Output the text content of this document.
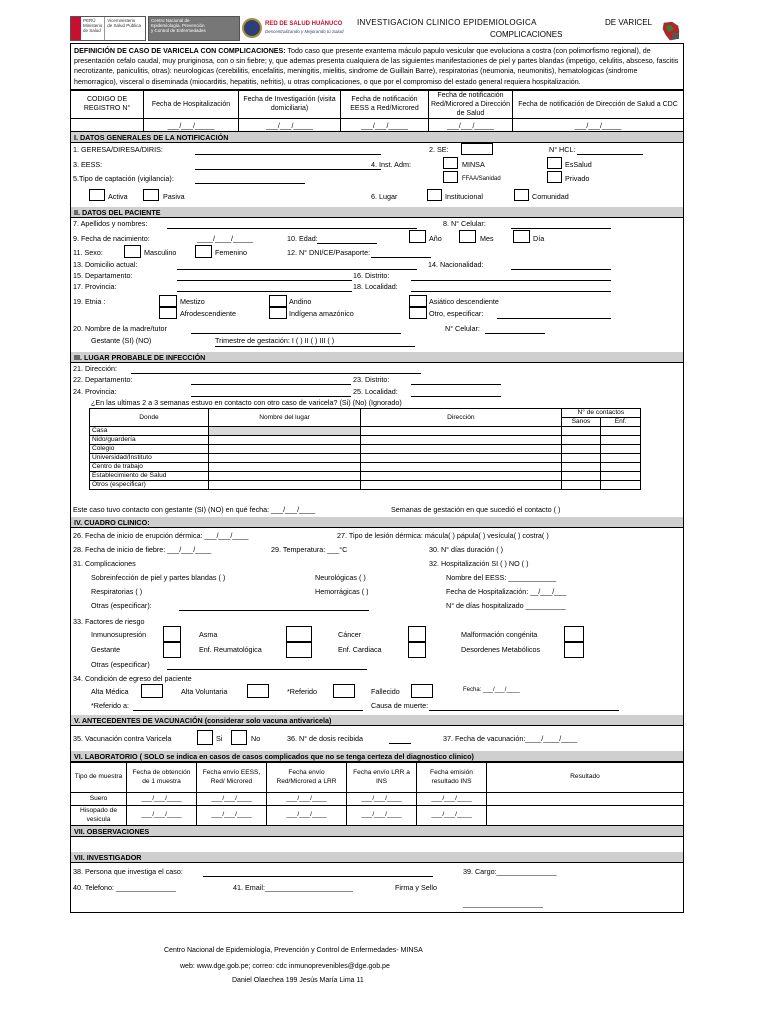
PERÚ
Ministerio
de Salud
Viceministerio
de Salud Pública
Centro Nacional de
Epidemiología, Prevención
y Control de Enfermedades
RED DE SALUD HUÁNUCO
Descentralizando y Mejorando tu Salud
INVESTIGACION CLINICO EPIDEMIOLOGICA
COMPLICACIONES
DE VARICEL
DEFINICIÓN DE CASO DE VARICELA CON COMPLICACIONES: Todo caso que presente exantema máculo papulo vesicular que evoluciona a costra (con polimorfismo regional), de presentación cefalo caudal, muy pruriginosa, con o sin fiebre; y, que ademas presenta cualquiera de las siguientes manifestaciones de piel y partes blandas (impetigo, celulitis, absceso, fascitis necrotizante, paniculitis, otras): neurologicas (cerebilitis, encefalitis, meningitis, mielitis, sindrome de Guillain Barre), respiratorias (neumonia, neumonitis), hematologicas (sindrome hemorragico), visceral o diseminada (miocarditis, hepatitis, nefritis), u otras complicaciones, o que por el compromiso del estado general requiera hospitalización.
CODIGO DE REGISTRO N°	Fecha de Hospitalización	Fecha de Investigación (visita domiciliaria)	Fecha de notificación EESS a Red/Microred	Fecha de notificación Red/Microred a Dirección de Salud	Fecha de notificación de Dirección de Salud a CDC
	___/___/_____	___/___/_____	___/___/_____	___/___/_____	___/___/_____
I. DATOS GENERALES DE LA NOTIFICACIÓN
1. GERESA/DIRESA/DIRIS:	2. SE:	N° HCL:
3. EESS:	4. Inst. Adm:	MINSA	EsSalud
5.Tipo de captación (vigilancia):	FFAA/Sanidad	Privado
Activa	Pasiva	6. Lugar	Institucional	Comunidad
II. DATOS DEL PACIENTE
7. Apellidos y nombres:	8. N° Celular:
9. Fecha de nacimiento:	____/____/_____	10. Edad:	Año	Mes	Día
11. Sexo:	Masculino	Femenino	12. N° DNI/CE/Pasaporte:
13. Domicilio actual:	14. Nacionalidad:
15. Departamento:	16. Distrito:
17. Provincia:	18. Localidad:
19. Etnia :	Mestizo	Andino	Asiático descendiente
Afrodescendiente	Indígena amazónico	Otro, especificar:
20. Nombre de la madre/tutor	N° Celular:
Gestante (SI) (NO)	Trimestre de gestación: I ( ) II ( ) III ( )
III. LUGAR PROBABLE DE INFECCIÓN
21. Dirección:
22. Departamento:	23. Distrito:
24. Provincia:	25. Localidad:
¿En las ultimas 2 a 3 semanas estuvo en contacto con otro caso de varicela? (Si) (No) (Ignorado)
Donde	Nombre del lugar	Dirección	N° de contactos	
			Sanos	Enf.
Casa				
Nido/guardería				
Colegio				
Universidad/Instituto				
Centro de trabajo				
Establecimiento de Salud				
Otros (especificar)				
Este caso tuvo contacto con gestante (SI) (NO) en qué fecha: ___/___/____	Semanas de gestación en que sucedió el contacto ( )
IV. CUADRO CLINICO:
26. Fecha de inicio de erupción dérmica: ___/___/____	27. Tipo de lesión dérmica: mácula( ) pápula( ) vesícula( ) costra( )
28. Fecha de inicio de fiebre: ___/___/____	29. Temperatura: ___°C	30. N° días duración ( )
31. Complicaciones	32. Hospitalización SI ( ) NO ( )
Sobreinfección de piel y partes blandas ( )	Neurológicas ( )	Nombre del EESS: ____________
Respiratorias ( )	Hemorrágicas ( )	Fecha de Hospitalización: __/___/___
Otras (especificar):	N° de días hospitalizado __________
33. Factores de riesgo
Inmunosupresión	Asma	Cáncer	Malformación congénita
Gestante	Enf. Reumatológica	Enf. Cardiaca	Desordenes Metabólicos
Otras (especificar)
34. Condición de egreso del paciente
Alta Médica	Alta Voluntaria	*Referido	Fallecido	Fecha: ___/___/____
*Referido a:	Causa de muerte:
V. ANTECEDENTES DE VACUNACIÓN (considerar solo vacuna antivaricela)
35. Vacunación contra Varicela	Si	No	36. N° de dosis recibida	37. Fecha de vacunación:____/____/____
VI. LABORATORIO ( SOLO se indica en casos de casos complicados que no se tenga certeza del diagnostico clinico)
Tipo de muestra	Fecha de obtención de 1 muestra	Fecha envío EESS, Red/ Microred	Fecha envío Red/Microred a LRR	Fecha envío LRR a INS	Fecha emisión resultado INS	Resultado
Suero	___/___/____	___/___/____	___/___/____	___/___/____	___/___/____	
Hisopado de vesicula	___/___/____	___/___/____	___/___/____	___/___/____	___/___/____	
VII. OBSERVACIONES
VII. INVESTIGADOR
38. Persona que investiga el caso:	39. Cargo:_______________
40. Telefono: _______________	41. Email:______________________	Firma y Sello
____________________
Centro Nacional de Epidemiología, Prevención y Control de Enfermedades- MINSA
web: www.dge.gob.pe; correo: cdc inmunoprevenibles@dge.gob.pe
Daniel Olaechea 199 Jesús María Lima 11
